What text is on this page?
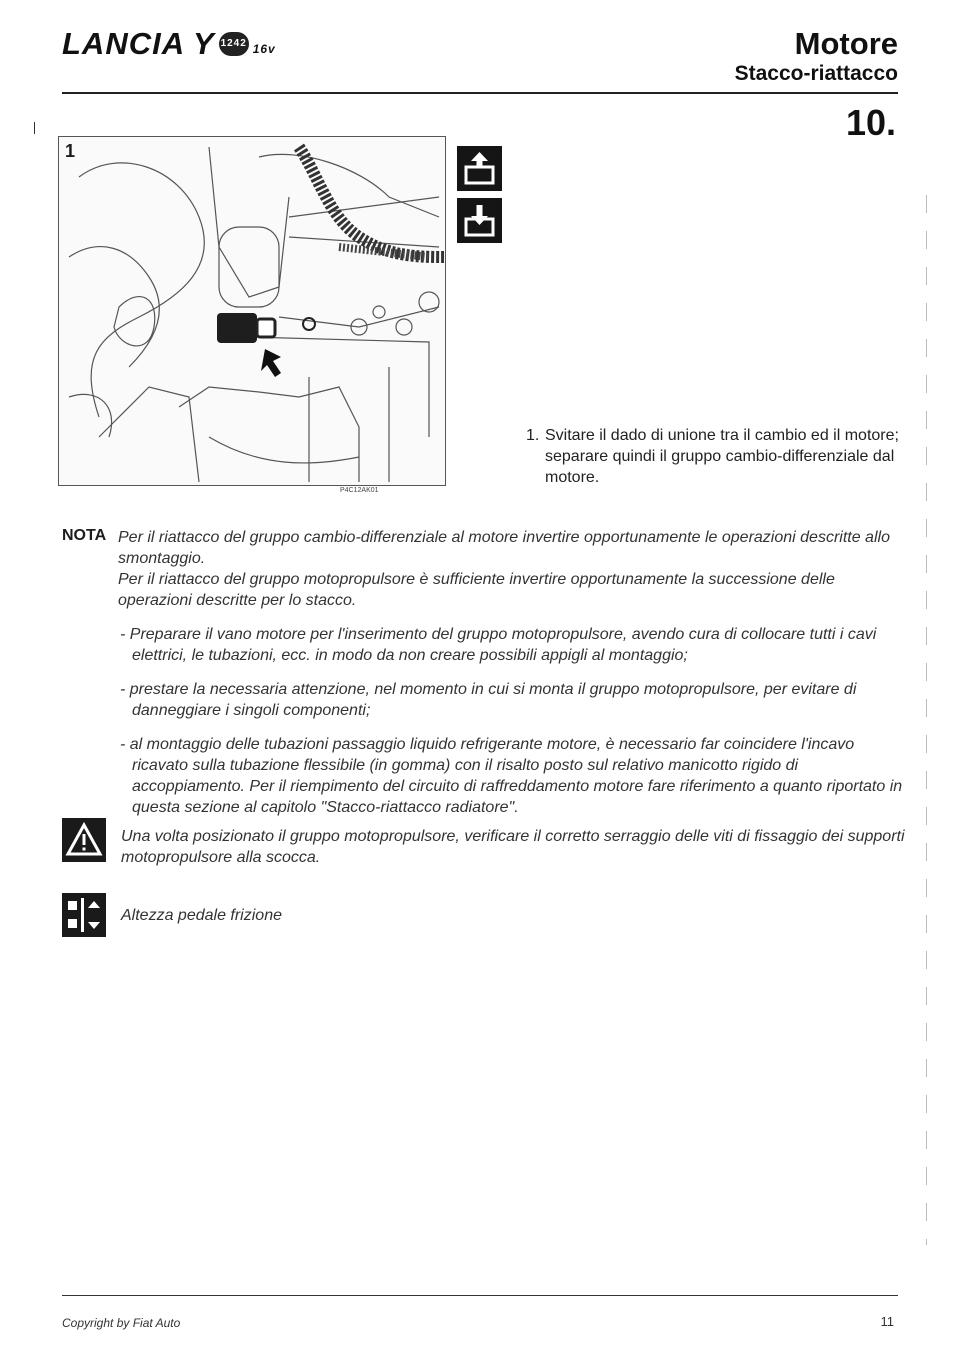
LANCIA Y 1242 16v	Motore
Stacco-riattacco
10.
1
P4C12AK01
1. Svitare il dado di unione tra il cambio ed il motore; separare quindi il gruppo cambio-differenziale dal motore.
NOTA Per il riattacco del gruppo cambio-differenziale al motore invertire opportunamente le operazioni descritte allo smontaggio.

Per il riattacco del gruppo motopropulsore è sufficiente invertire opportunamente la successione delle operazioni descritte per lo stacco.

- Preparare il vano motore per l'inserimento del gruppo motopropulsore, avendo cura di collocare tutti i cavi elettrici, le tubazioni, ecc. in modo da non creare possibili appigli al montaggio;

- prestare la necessaria attenzione, nel momento in cui si monta il gruppo motopropulsore, per evitare di danneggiare i singoli componenti;

- al montaggio delle tubazioni passaggio liquido refrigerante motore, è necessario far coincidere l'incavo ricavato sulla tubazione flessibile (in gomma) con il risalto posto sul relativo manicotto rigido di accoppiamento. Per il riempimento del circuito di raffreddamento motore fare riferimento a quanto riportato in questa sezione al capitolo "Stacco-riattacco radiatore".

Una volta posizionato il gruppo motopropulsore, verificare il corretto serraggio delle viti di fissaggio dei supporti motopropulsore alla scocca.
Altezza pedale frizione
Copyright by Fiat Auto	11
